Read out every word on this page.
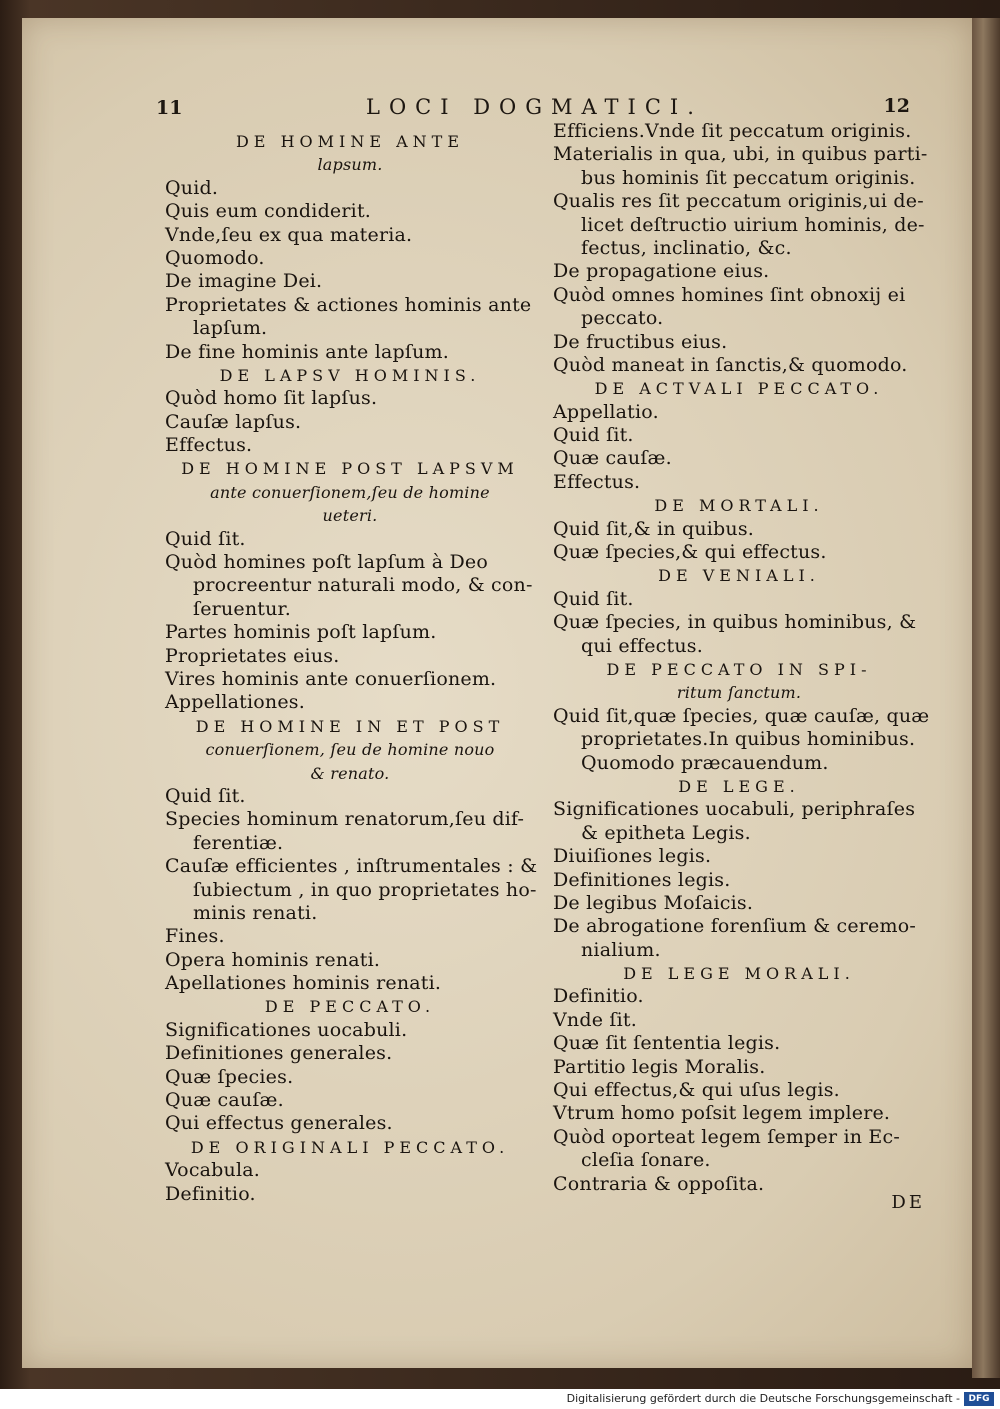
11	LOCI DOGMATICI.	12
DE HOMINE ANTE
lapsum.
Quid.
Quis eum condiderit.
Vnde,ſeu ex qua materia.
Quomodo.
De imagine Dei.
Proprietates & actiones hominis ante
lapſum.
De fine hominis ante lapſum.
DE LAPSV HOMINIS.
Quòd homo ſit lapſus.
Cauſæ lapſus.
Effectus.
DE HOMINE POST LAPSVM
ante conuerſionem,ſeu de homine
ueteri.
Quid ſit.
Quòd homines poſt lapſum à Deo
procreentur naturali modo, & con-
ſeruentur.
Partes hominis poſt lapſum.
Proprietates eius.
Vires hominis ante conuerſionem.
Appellationes.
DE HOMINE IN ET POST
conuerſionem, ſeu de homine nouo
& renato.
Quid ſit.
Species hominum renatorum,ſeu dif-
ferentiæ.
Cauſæ efficientes , inſtrumentales : &
ſubiectum , in quo proprietates ho-
minis renati.
Fines.
Opera hominis renati.
Apellationes hominis renati.
DE PECCATO.
Significationes uocabuli.
Definitiones generales.
Quæ ſpecies.
Quæ cauſæ.
Qui effectus generales.
DE ORIGINALI PECCATO.
Vocabula.
Definitio.
Efficiens.Vnde ſit peccatum originis.
Materialis in qua, ubi, in quibus parti-
bus hominis ſit peccatum originis.
Qualis res ſit peccatum originis,ui de-
licet deſtructio uirium hominis, de-
fectus, inclinatio, &c.
De propagatione eius.
Quòd omnes homines ſint obnoxij ei
peccato.
De fructibus eius.
Quòd maneat in ſanctis,& quomodo.
DE ACTVALI PECCATO.
Appellatio.
Quid ſit.
Quæ cauſæ.
Effectus.
DE MORTALI.
Quid ſit,& in quibus.
Quæ ſpecies,& qui effectus.
DE VENIALI.
Quid ſit.
Quæ ſpecies, in quibus hominibus, &
qui effectus.
DE PECCATO IN SPI-
ritum ſanctum.
Quid ſit,quæ ſpecies, quæ cauſæ, quæ
proprietates.In quibus hominibus.
Quomodo præcauendum.
DE LEGE.
Significationes uocabuli, periphraſes
& epitheta Legis.
Diuiſiones legis.
Definitiones legis.
De legibus Moſaicis.
De abrogatione forenſium & ceremo-
nialium.
DE LEGE MORALI.
Definitio.
Vnde ſit.
Quæ ſit ſententia legis.
Partitio legis Moralis.
Qui effectus,& qui uſus legis.
Vtrum homo poſsit legem implere.
Quòd oporteat legem ſemper in Ec-
cleſia ſonare.
Contraria & oppoſita.
DE
Digitalisierung gefördert durch die Deutsche Forschungsgemeinschaft - DFG
